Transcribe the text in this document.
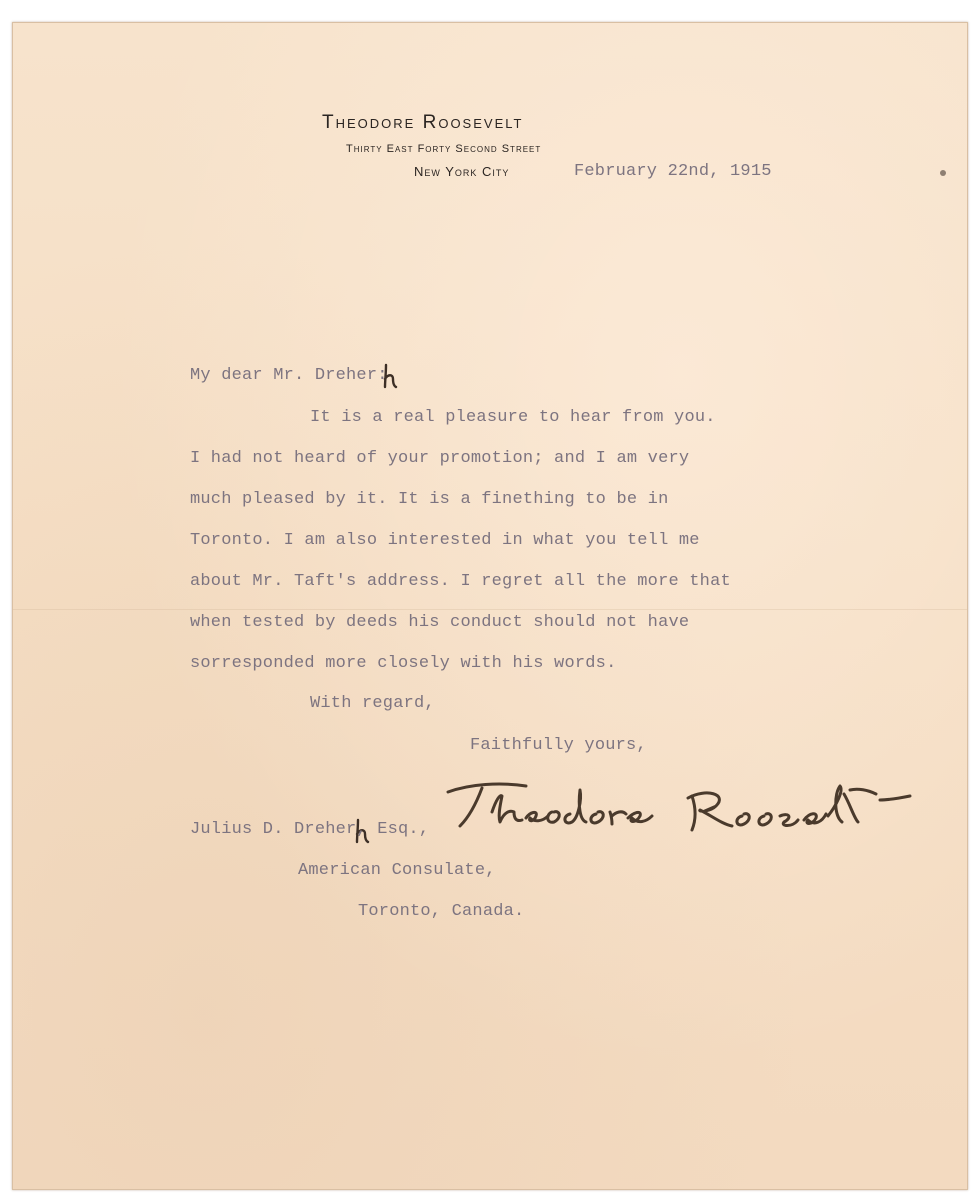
Theodore Roosevelt
Thirty East Forty Second Street
New York City	February 22nd, 1915
My dear Mr. Dreher:
It is a real pleasure to hear from you.
I had not heard of your promotion; and I am very
much pleased by it. It is a finething to be in
Toronto. I am also interested in what you tell me
about Mr. Taft's address. I regret all the more that
when tested by deeds his conduct should not have
sorresponded more closely with his words.
With regard,
Faithfully yours,
Julius D. Dreher, Esq.,
American Consulate,
Toronto, Canada.
